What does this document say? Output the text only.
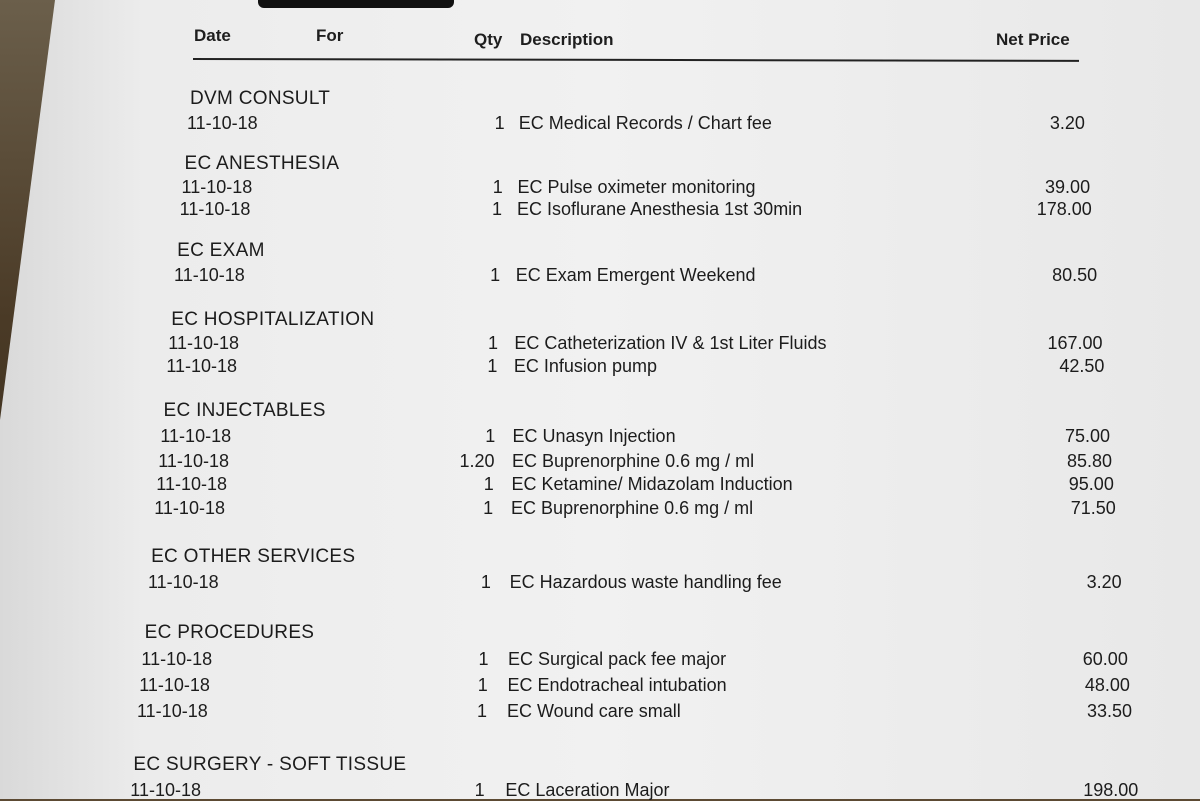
Date	For	Qty Description	Net Price
DVM CONSULT
11-10-18	1 EC Medical Records / Chart fee	3.20
EC ANESTHESIA
11-10-18	1 EC Pulse oximeter monitoring	39.00
11-10-18	1 EC Isoflurane Anesthesia 1st 30min	178.00
EC EXAM
11-10-18	1 EC Exam Emergent Weekend	80.50
EC HOSPITALIZATION
11-10-18	1 EC Catheterization IV & 1st Liter Fluids	167.00
11-10-18	1 EC Infusion pump	42.50
EC INJECTABLES
11-10-18	1 EC Unasyn Injection	75.00
11-10-18	1.20 EC Buprenorphine 0.6 mg / ml	85.80
11-10-18	1 EC Ketamine/ Midazolam Induction	95.00
11-10-18	1 EC Buprenorphine 0.6 mg / ml	71.50
EC OTHER SERVICES
11-10-18	1 EC Hazardous waste handling fee	3.20
EC PROCEDURES
11-10-18	1 EC Surgical pack fee major	60.00
11-10-18	1 EC Endotracheal intubation	48.00
11-10-18	1 EC Wound care small	33.50
EC SURGERY - SOFT TISSUE
11-10-18	1 EC Laceration Major	198.00
